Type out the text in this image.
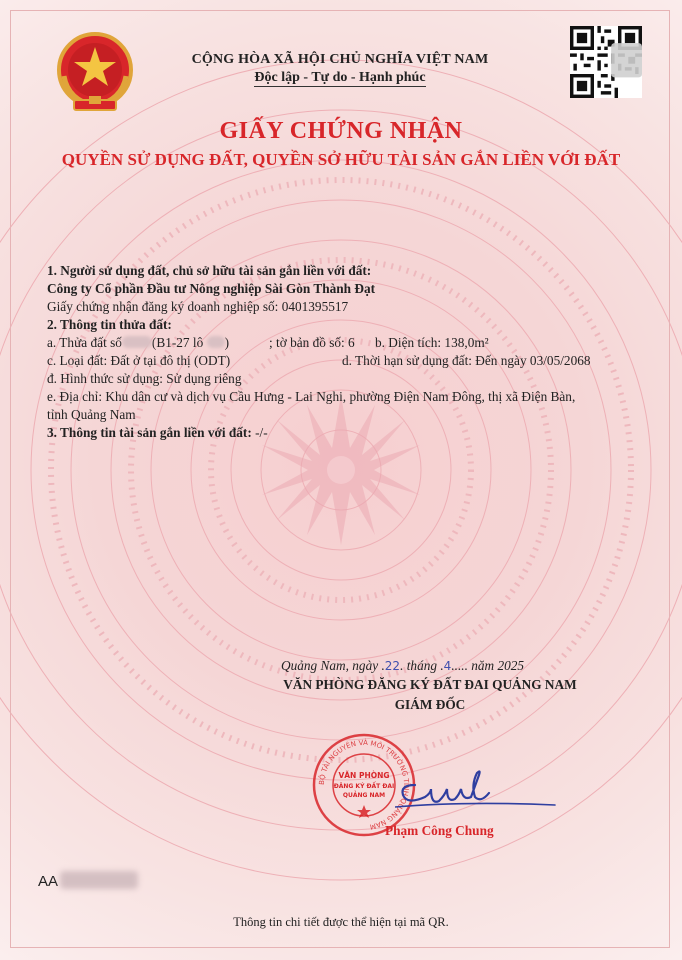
CỘNG HÒA XÃ HỘI CHỦ NGHĨA VIỆT NAM
Độc lập - Tự do - Hạnh phúc
GIẤY CHỨNG NHẬN
QUYỀN SỬ DỤNG ĐẤT, QUYỀN SỞ HỮU TÀI SẢN GẮN LIỀN VỚI ĐẤT
1. Người sử dụng đất, chủ sở hữu tài sản gắn liền với đất:
Công ty Cổ phần Đầu tư Nông nghiệp Sài Gòn Thành Đạt
Giấy chứng nhận đăng ký doanh nghiệp số: 0401395517
2. Thông tin thửa đất:
a. Thửa đất số (B1-27 lô )	; tờ bản đồ số: 6 b. Diện tích: 138,0m²
c. Loại đất: Đất ở tại đô thị (ODT)	d. Thời hạn sử dụng đất: Đến ngày 03/05/2068
đ. Hình thức sử dụng: Sử dụng riêng
e. Địa chỉ: Khu dân cư và dịch vụ Cầu Hưng - Lai Nghi, phường Điện Nam Đông, thị xã Điện Bàn,
tỉnh Quảng Nam
3. Thông tin tài sản gắn liền với đất: -/-
Quảng Nam, ngày .22. tháng .4..... năm 2025
VĂN PHÒNG ĐĂNG KÝ ĐẤT ĐAI QUẢNG NAM
GIÁM ĐỐC
BỘ TÀI NGUYÊN VÀ MÔI TRƯỜNG TỈNH QUẢNG NAM
VĂN PHÒNG
ĐĂNG KÝ ĐẤT ĐAI
QUẢNG NAM
Phạm Công Chung
AA
Thông tin chi tiết được thể hiện tại mã QR.
